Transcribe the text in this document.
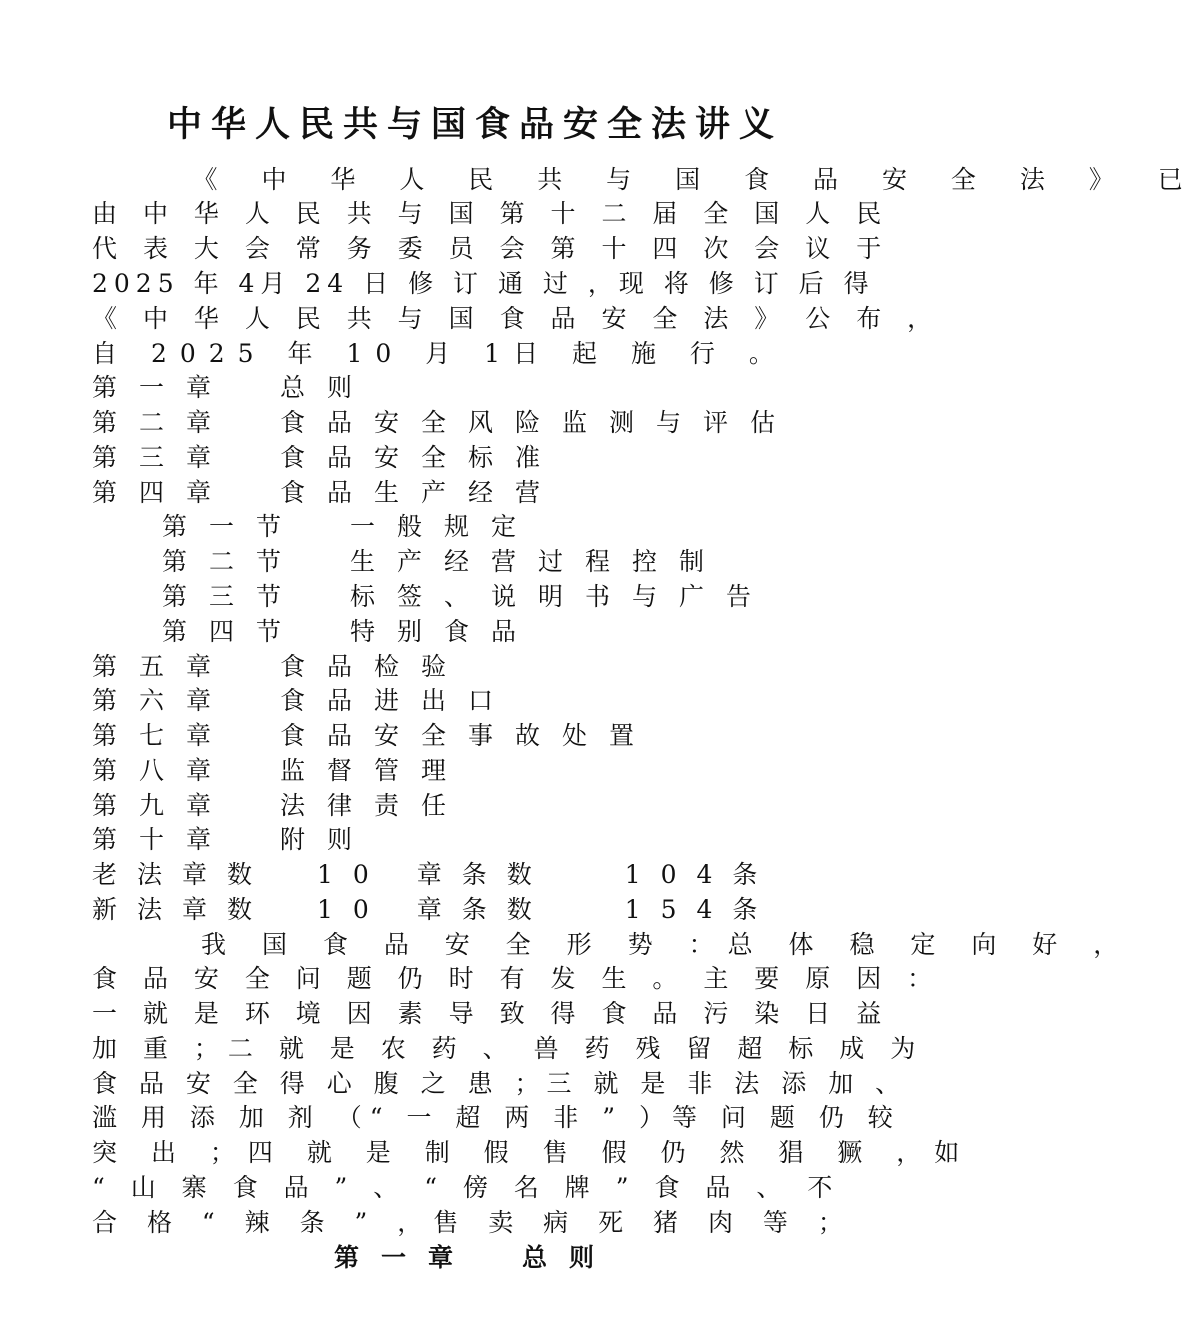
中华人民共与国食品安全法讲义
　《 中 华 人 民 共 与 国 食 品 安 全 法 》 已
由 中 华 人 民 共 与 国 第 十 二 届 全 国 人 民
代 表 大 会 常 务 委 员 会 第 十 四 次 会 议 于
2025 年 4月 24 日 修 订 通 过 ，现 将 修 订 后 得
《 中 华 人 民 共 与 国 食 品 安 全 法 》 公 布 ，
自 2025 年 10 月 1日 起 施 行 。
第一章　总则
第二章　食品安全风险监测与评估
第三章　食品安全标准
第四章　食品生产经营
第一节　一般规定
第二节　生产经营过程控制
第三节　标签、说明书与广告
第四节　特别食品
第五章　食品检验
第六章　食品进出口
第七章　食品安全事故处置
第八章　监督管理
第九章　法律责任
第十章　附则
老法章数　10 章条数　 104条
新法章数　10 章条数　 154条
　我 国 食 品 安 全 形 势 ：总 体 稳 定 向 好 ，
食 品 安 全 问 题 仍 时 有 发 生 。 主 要 原 因 ：
一 就 是 环 境 因 素 导 致 得 食 品 污 染 日 益
加 重 ；二 就 是 农 药 、 兽 药 残 留 超 标 成 为
食 品 安 全 得 心 腹 之 患 ；三 就 是 非 法 添 加 、
滥 用 添 加 剂 （“ 一 超 两 非 ” ）等 问 题 仍 较
突 出 ；四 就 是 制 假 售 假 仍 然 猖 獗 ，如
“ 山 寨 食 品 ” 、 “ 傍 名 牌 ” 食 品 、 不
合 格 “ 辣 条 ” ，售 卖 病 死 猪 肉 等 ；
第一章　总则
